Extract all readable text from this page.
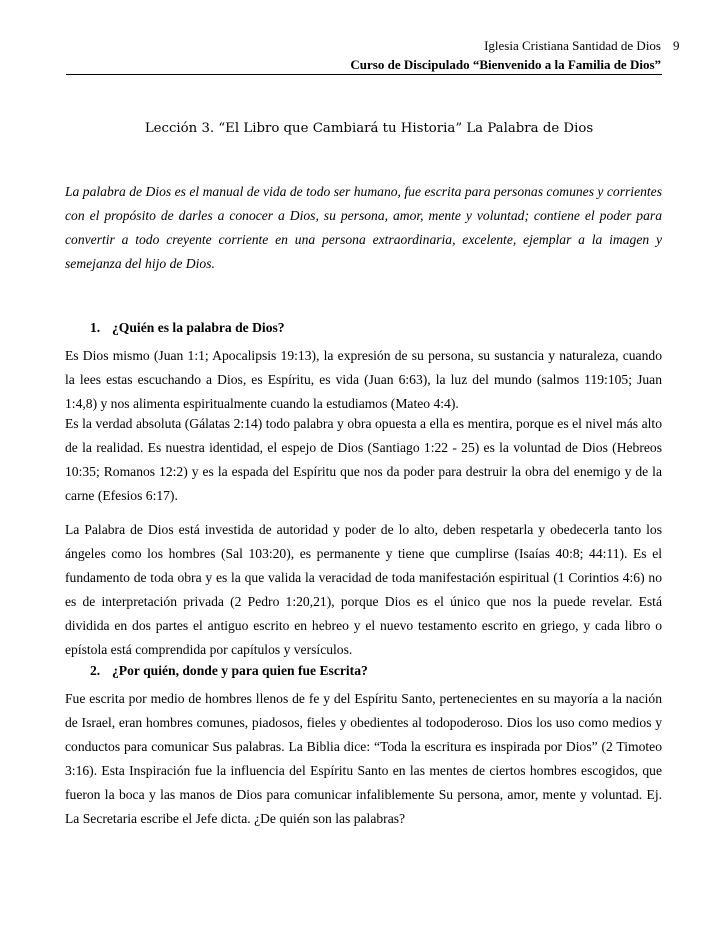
Iglesia Cristiana Santidad de Dios 9
Curso de Discipulado “Bienvenido a la Familia de Dios”
Lección 3. “El Libro que Cambiará tu Historia” La Palabra de Dios
La palabra de Dios es el manual de vida de todo ser humano, fue escrita para personas comunes y corrientes con el propósito de darles a conocer a Dios, su persona, amor, mente y voluntad; contiene el poder para convertir a todo creyente corriente en una persona extraordinaria, excelente, ejemplar a la imagen y semejanza del hijo de Dios.
1. ¿Quién es la palabra de Dios?
Es Dios mismo (Juan 1:1; Apocalipsis 19:13), la expresión de su persona, su sustancia y naturaleza, cuando la lees estas escuchando a Dios, es Espíritu, es vida (Juan 6:63), la luz del mundo (salmos 119:105; Juan 1:4,8) y nos alimenta espiritualmente cuando la estudiamos (Mateo 4:4).
Es la verdad absoluta (Gálatas 2:14) todo palabra y obra opuesta a ella es mentira, porque es el nivel más alto de la realidad. Es nuestra identidad, el espejo de Dios (Santiago 1:22 - 25) es la voluntad de Dios (Hebreos 10:35; Romanos 12:2) y es la espada del Espíritu que nos da poder para destruir la obra del enemigo y de la carne (Efesios 6:17).
La Palabra de Dios está investida de autoridad y poder de lo alto, deben respetarla y obedecerla tanto los ángeles como los hombres (Sal 103:20), es permanente y tiene que cumplirse (Isaías 40:8; 44:11). Es el fundamento de toda obra y es la que valida la veracidad de toda manifestación espiritual (1 Corintios 4:6) no es de interpretación privada (2 Pedro 1:20,21), porque Dios es el único que nos la puede revelar. Está dividida en dos partes el antiguo escrito en hebreo y el nuevo testamento escrito en griego, y cada libro o epístola está comprendida por capítulos y versículos.
2. ¿Por quién, donde y para quien fue Escrita?
Fue escrita por medio de hombres llenos de fe y del Espíritu Santo, pertenecientes en su mayoría a la nación de Israel, eran hombres comunes, piadosos, fieles y obedientes al todopoderoso. Dios los uso como medios y conductos para comunicar Sus palabras. La Biblia dice: “Toda la escritura es inspirada por Dios” (2 Timoteo 3:16). Esta Inspiración fue la influencia del Espíritu Santo en las mentes de ciertos hombres escogidos, que fueron la boca y las manos de Dios para comunicar infaliblemente Su persona, amor, mente y voluntad. Ej. La Secretaria escribe el Jefe dicta. ¿De quién son las palabras?
